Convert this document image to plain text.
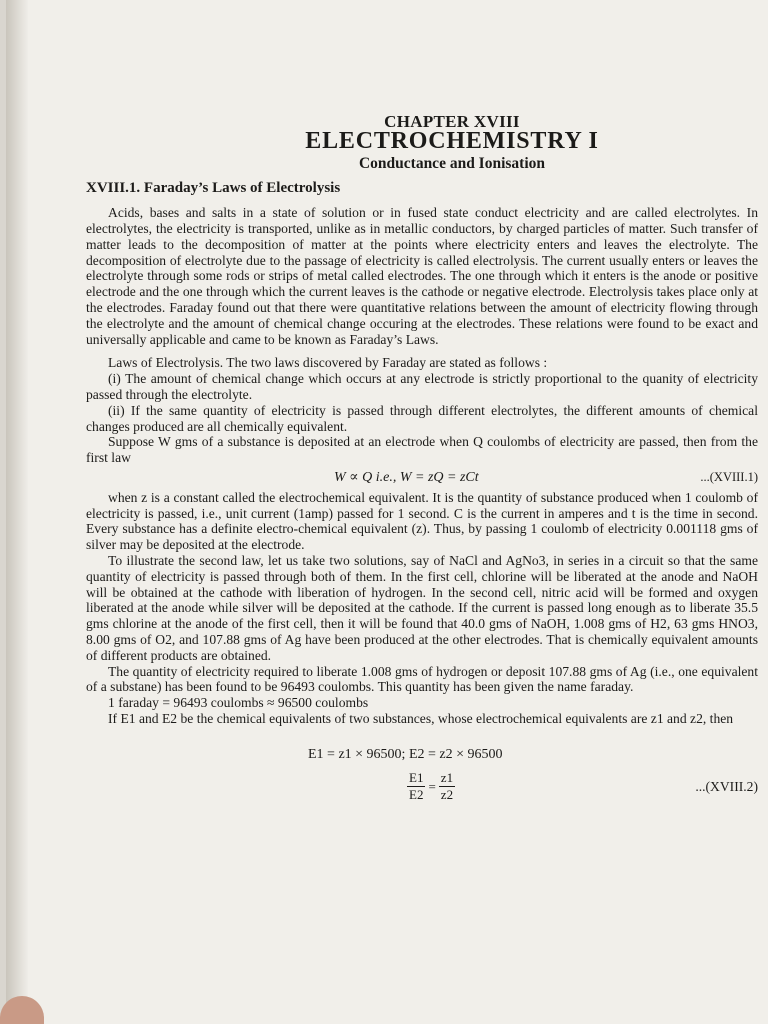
CHAPTER XVIII
ELECTROCHEMISTRY I
Conductance and Ionisation
XVIII.1. Faraday’s Laws of Electrolysis

Acids, bases and salts in a state of solution or in fused state conduct electricity and are called electrolytes. In electrolytes, the electricity is transported, unlike as in metallic conductors, by charged particles of matter. Such transfer of matter leads to the decomposition of matter at the points where electricity enters and leaves the electrolyte. The decomposition of electrolyte due to the passage of electricity is called electrolysis. The current usually enters or leaves the electrolyte through some rods or strips of metal called electrodes. The one through which it enters is the anode or positive electrode and the one through which the current leaves is the cathode or negative electrode. Electrolysis takes place only at the electrodes. Faraday found out that there were quantitative relations between the amount of electricity flowing through the electrolyte and the amount of chemical change occuring at the electrodes. These relations were found to be exact and universally applicable and came to be known as Faraday’s Laws.

Laws of Electrolysis. The two laws discovered by Faraday are stated as follows :

(i) The amount of chemical change which occurs at any electrode is strictly proportional to the quanity of electricity passed through the electrolyte.

(ii) If the same quantity of electricity is passed through different electrolytes, the different amounts of chemical changes produced are all chemically equivalent.

Suppose W gms of a substance is deposited at an electrode when Q coulombs of electricity are passed, then from the first law

W ∝ Q i.e., W = zQ = zCt	...(XVIII.1)

when z is a constant called the electrochemical equivalent. It is the quantity of substance produced when 1 coulomb of electricity is passed, i.e., unit current (1amp) passed for 1 second. C is the current in amperes and t is the time in second. Every substance has a definite electro-chemical equivalent (z). Thus, by passing 1 coulomb of electricity 0.001118 gms of silver may be deposited at the electrode.

To illustrate the second law, let us take two solutions, say of NaCl and AgNo3, in series in a circuit so that the same quantity of electricity is passed through both of them. In the first cell, chlorine will be liberated at the anode and NaOH will be obtained at the cathode with liberation of hydrogen. In the second cell, nitric acid will be formed and oxygen liberated at the anode while silver will be deposited at the cathode. If the current is passed long enough as to liberate 35.5 gms chlorine at the anode of the first cell, then it will be found that 40.0 gms of NaOH, 1.008 gms of H2, 63 gms HNO3, 8.00 gms of O2, and 107.88 gms of Ag have been produced at the other electrodes. That is chemically equivalent amounts of different products are obtained.

The quantity of electricity required to liberate 1.008 gms of hydrogen or deposit 107.88 gms of Ag (i.e., one equivalent of a substane) has been found to be 96493 coulombs. This quantity has been given the name faraday.

1 faraday = 96493 coulombs ≈ 96500 coulombs

If E1 and E2 be the chemical equivalents of two substances, whose electrochemical equivalents are z1 and z2, then

E1 = z1 × 96500; E2 = z2 × 96500
$\frac{E1}{E2} = \frac{z1}{z2}$	...(XVIII.2)
